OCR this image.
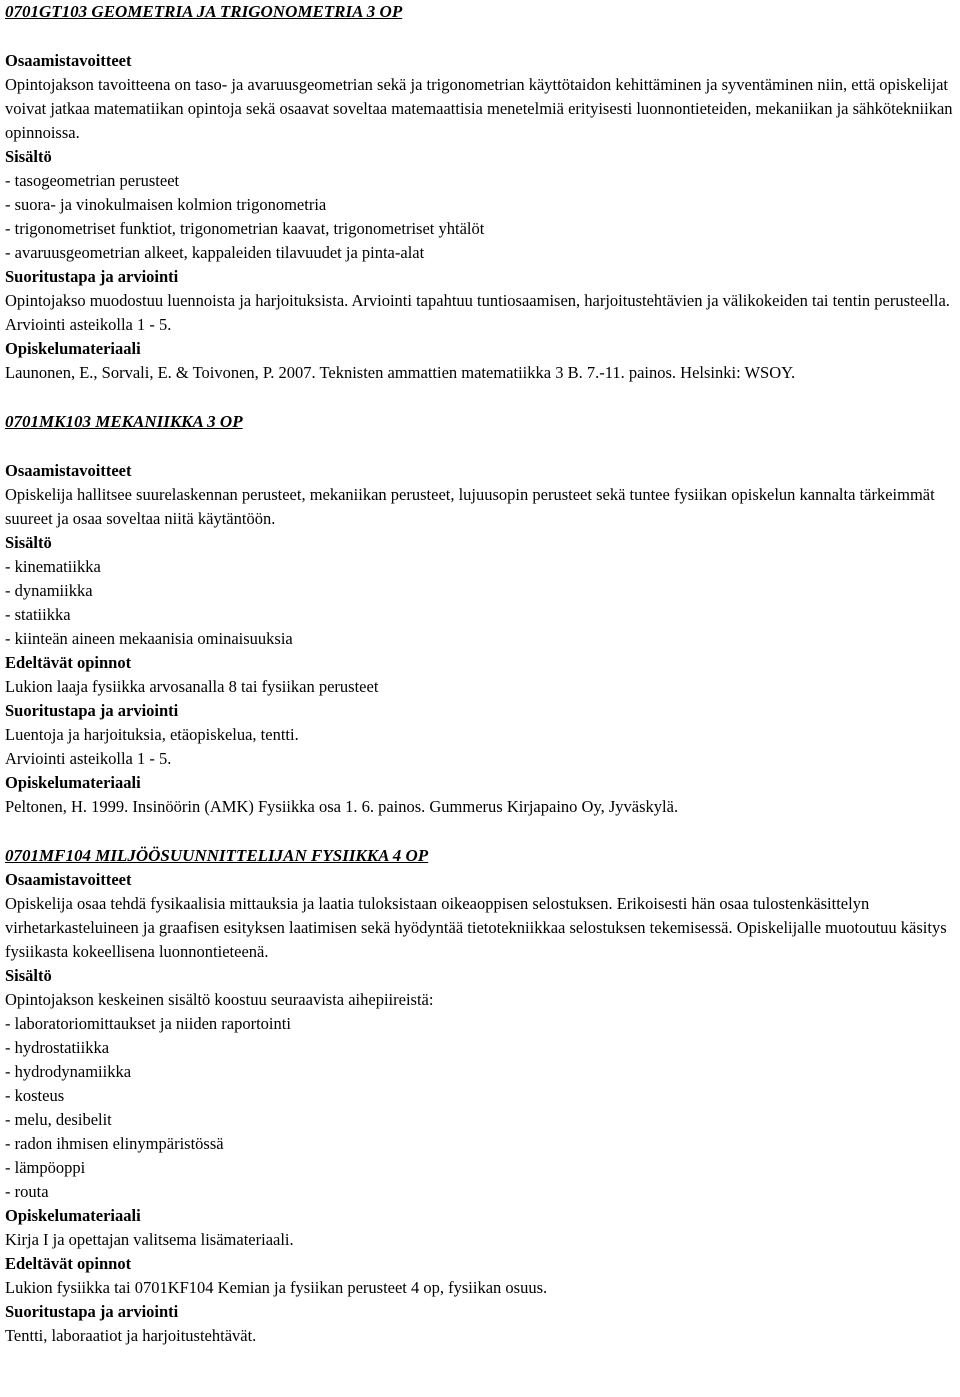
0701GT103 GEOMETRIA JA TRIGONOMETRIA 3 OP

Osaamistavoitteet

Opintojakson tavoitteena on taso- ja avaruusgeometrian sekä ja trigonometrian käyttötaidon kehittäminen ja syventäminen niin, että opiskelijat voivat jatkaa matematiikan opintoja sekä osaavat soveltaa matemaattisia menetelmiä erityisesti luonnontieteiden, mekaniikan ja sähkötekniikan opinnoissa.

Sisältö

- tasogeometrian perusteet

- suora- ja vinokulmaisen kolmion trigonometria

- trigonometriset funktiot, trigonometrian kaavat, trigonometriset yhtälöt

- avaruusgeometrian alkeet, kappaleiden tilavuudet ja pinta-alat

Suoritustapa ja arviointi

Opintojakso muodostuu luennoista ja harjoituksista. Arviointi tapahtuu tuntiosaamisen, harjoitustehtävien ja välikokeiden tai tentin perusteella.

Arviointi asteikolla 1 - 5.

Opiskelumateriaali

Launonen, E., Sorvali, E. & Toivonen, P. 2007. Teknisten ammattien matematiikka 3 B. 7.-11. painos. Helsinki: WSOY.

0701MK103 MEKANIIKKA 3 OP

Osaamistavoitteet

Opiskelija hallitsee suurelaskennan perusteet, mekaniikan perusteet, lujuusopin perusteet sekä tuntee fysiikan opiskelun kannalta tärkeimmät suureet ja osaa soveltaa niitä käytäntöön.

Sisältö

- kinematiikka

- dynamiikka

- statiikka

- kiinteän aineen mekaanisia ominaisuuksia

Edeltävät opinnot

Lukion laaja fysiikka arvosanalla 8 tai fysiikan perusteet

Suoritustapa ja arviointi

Luentoja ja harjoituksia, etäopiskelua, tentti.

Arviointi asteikolla 1 - 5.

Opiskelumateriaali

Peltonen, H. 1999. Insinöörin (AMK) Fysiikka osa 1. 6. painos. Gummerus Kirjapaino Oy, Jyväskylä.

0701MF104 MILJÖÖSUUNNITTELIJAN FYSIIKKA 4 OP

Osaamistavoitteet

Opiskelija osaa tehdä fysikaalisia mittauksia ja laatia tuloksistaan oikeaoppisen selostuksen. Erikoisesti hän osaa tulostenkäsittelyn virhetarkasteluineen ja graafisen esityksen laatimisen sekä hyödyntää tietotekniikkaa selostuksen tekemisessä. Opiskelijalle muotoutuu käsitys fysiikasta kokeellisena luonnontieteenä.

Sisältö

Opintojakson keskeinen sisältö koostuu seuraavista aihepiireistä:

- laboratoriomittaukset ja niiden raportointi

- hydrostatiikka

- hydrodynamiikka

- kosteus

- melu, desibelit

- radon ihmisen elinympäristössä

- lämpöoppi

- routa

Opiskelumateriaali

Kirja I ja opettajan valitsema lisämateriaali.

Edeltävät opinnot

Lukion fysiikka tai 0701KF104 Kemian ja fysiikan perusteet 4 op, fysiikan osuus.

Suoritustapa ja arviointi

Tentti, laboraatiot ja harjoitustehtävät.
